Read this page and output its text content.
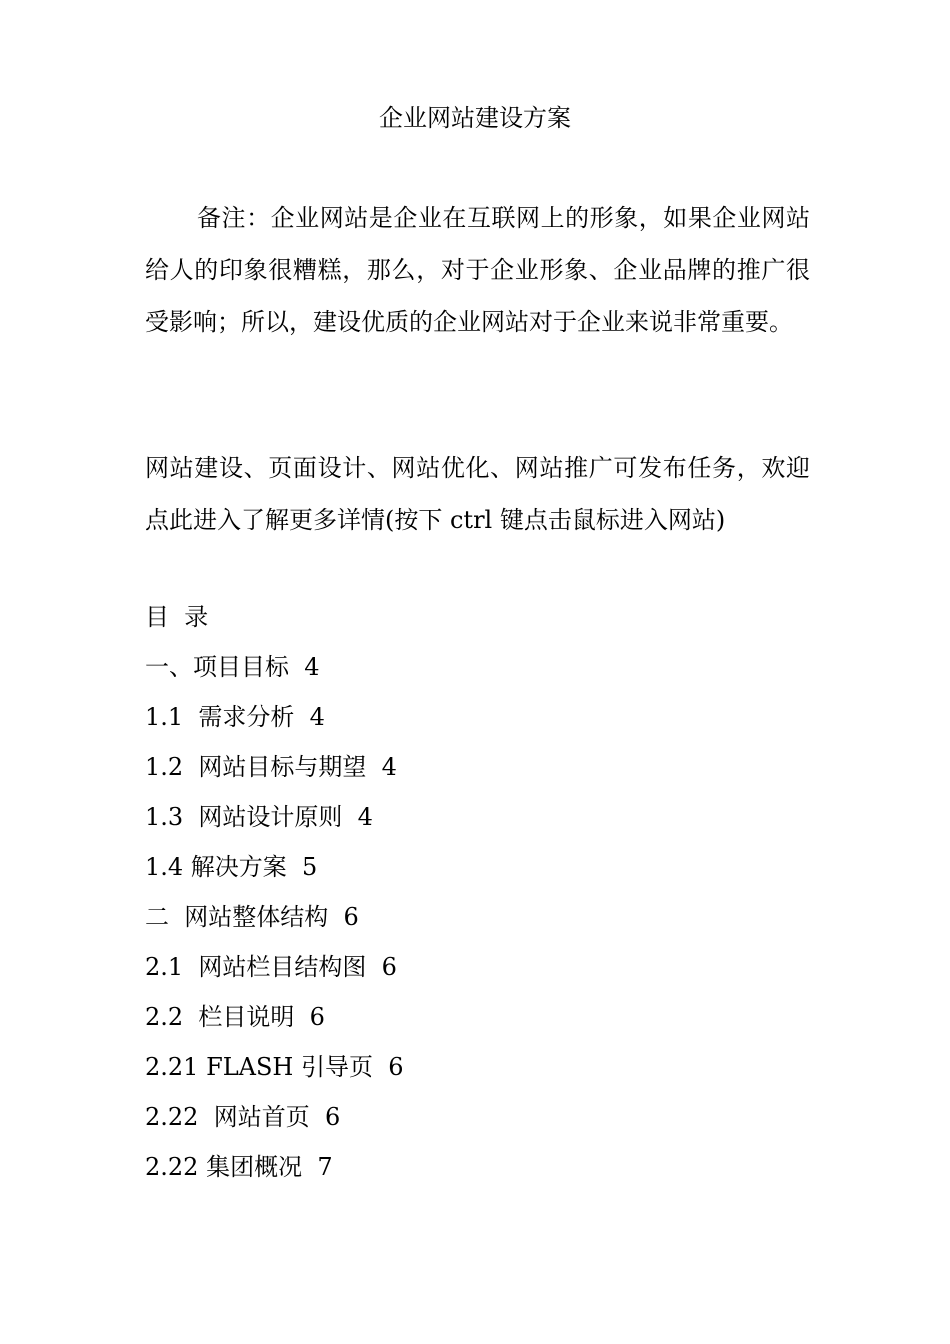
企业网站建设方案
备注：企业网站是企业在互联网上的形象，如果企业网站给人的印象很糟糕，那么，对于企业形象、企业品牌的推广很受影响；所以，建设优质的企业网站对于企业来说非常重要。
网站建设、页面设计、网站优化、网站推广可发布任务，欢迎点此进入了解更多详情(按下 ctrl 键点击鼠标进入网站)
目  录
一、项目目标  4
1.1  需求分析  4
1.2  网站目标与期望  4
1.3  网站设计原则  4
1.4 解决方案  5
二  网站整体结构  6
2.1  网站栏目结构图  6
2.2  栏目说明  6
2.21 FLASH 引导页  6
2.22  网站首页  6
2.22 集团概况  7
